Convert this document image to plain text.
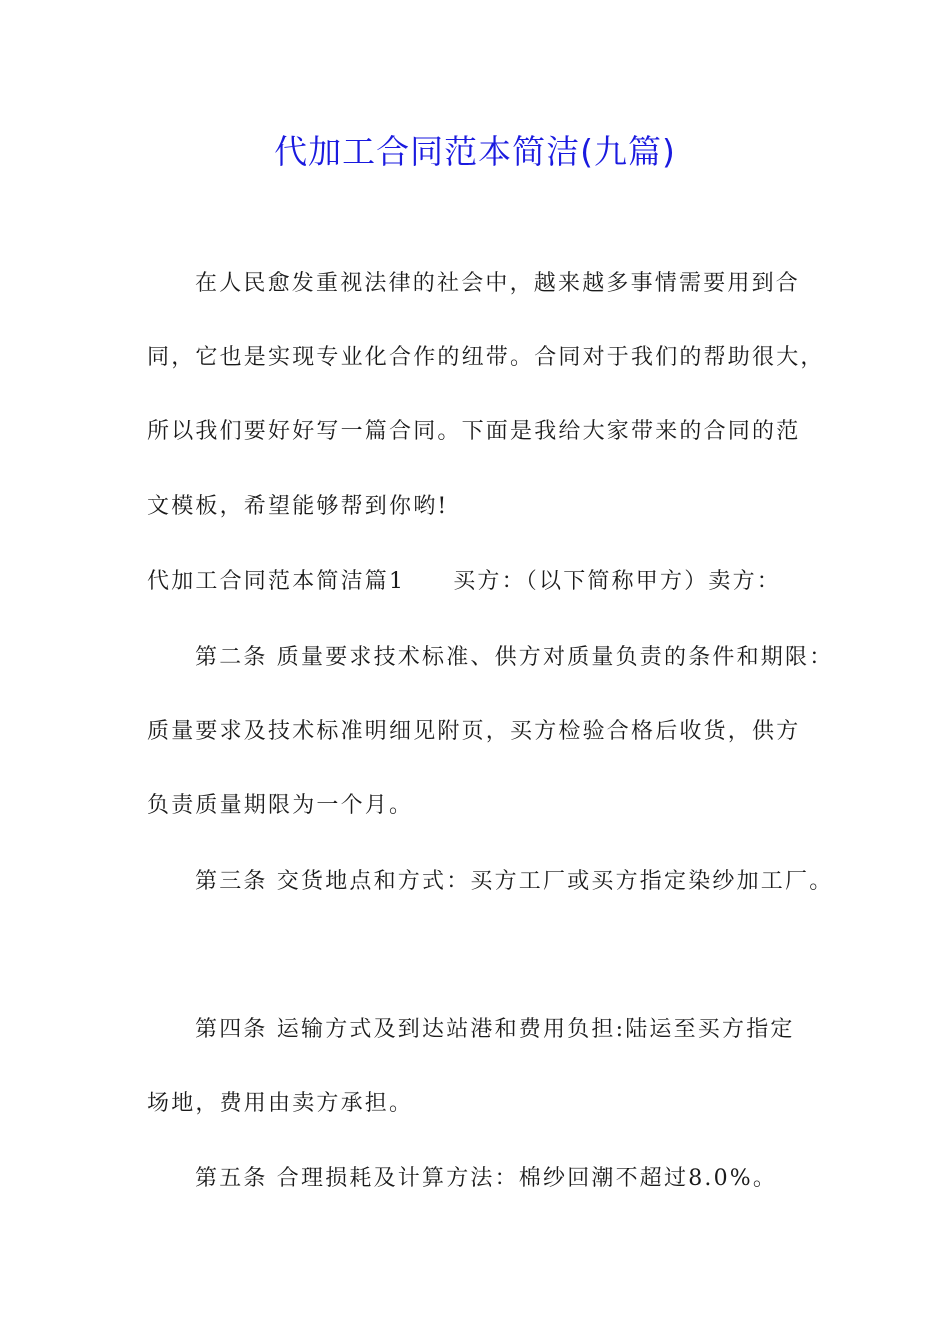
代加工合同范本简洁(九篇)
在人民愈发重视法律的社会中，越来越多事情需要用到合
同，它也是实现专业化合作的纽带。合同对于我们的帮助很大，
所以我们要好好写一篇合同。下面是我给大家带来的合同的范
文模板，希望能够帮到你哟!
代加工合同范本简洁篇1 买方：（以下简称甲方）卖方：
第二条 质量要求技术标准、供方对质量负责的条件和期限：
质量要求及技术标准明细见附页，买方检验合格后收货，供方
负责质量期限为一个月。
第三条 交货地点和方式：买方工厂或买方指定染纱加工厂。
第四条 运输方式及到达站港和费用负担:陆运至买方指定
场地，费用由卖方承担。
第五条 合理损耗及计算方法：棉纱回潮不超过8.0%。
